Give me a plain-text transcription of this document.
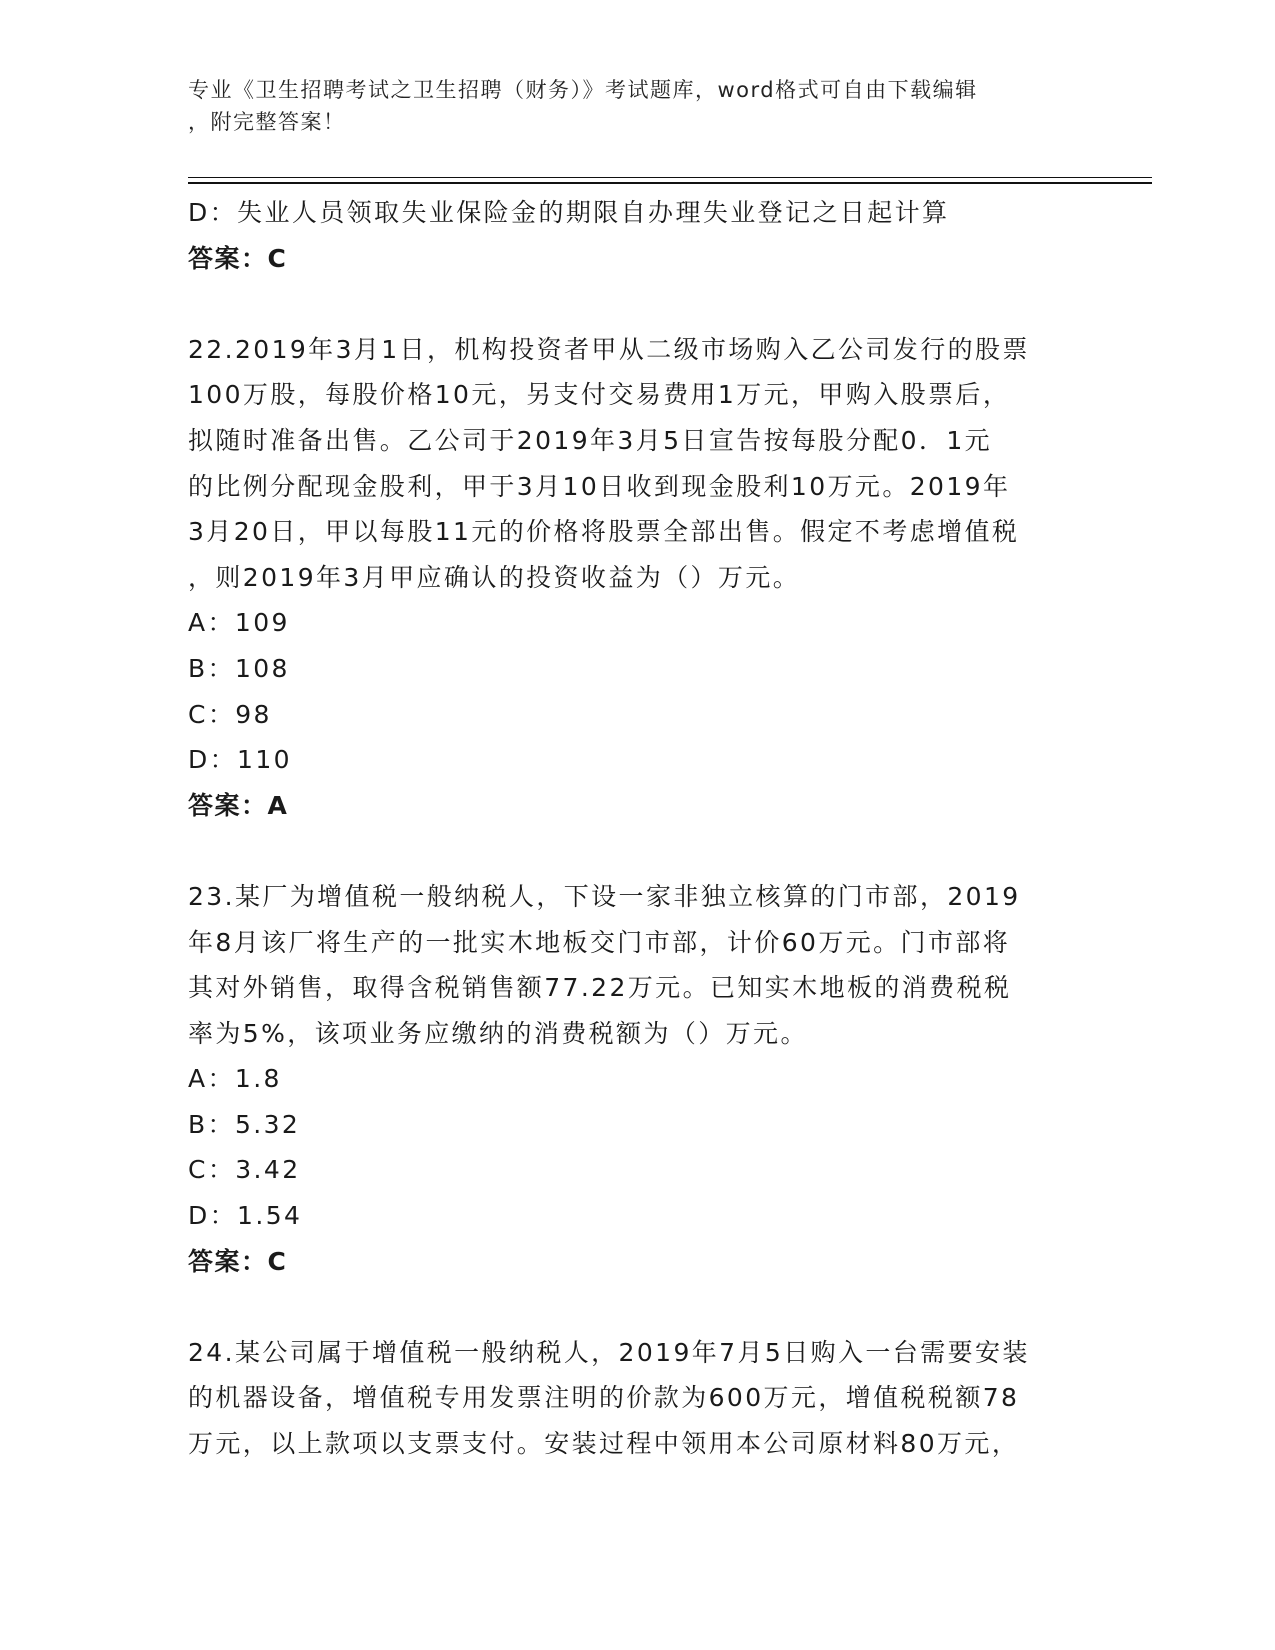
专业《卫生招聘考试之卫生招聘（财务）》考试题库，word格式可自由下载编辑
，附完整答案！
D：失业人员领取失业保险金的期限自办理失业登记之日起计算
答案：C
22.2019年3月1日，机构投资者甲从二级市场购入乙公司发行的股票
100万股，每股价格10元，另支付交易费用1万元，甲购入股票后，
拟随时准备出售。乙公司于2019年3月5日宣告按每股分配0．1元
的比例分配现金股利，甲于3月10日收到现金股利10万元。2019年
3月20日，甲以每股11元的价格将股票全部出售。假定不考虑增值税
，则2019年3月甲应确认的投资收益为（）万元。
A：109
B：108
C：98
D：110
答案：A
23.某厂为增值税一般纳税人，下设一家非独立核算的门市部，2019
年8月该厂将生产的一批实木地板交门市部，计价60万元。门市部将
其对外销售，取得含税销售额77.22万元。已知实木地板的消费税税
率为5%，该项业务应缴纳的消费税额为（）万元。
A：1.8
B：5.32
C：3.42
D：1.54
答案：C
24.某公司属于增值税一般纳税人，2019年7月5日购入一台需要安装
的机器设备，增值税专用发票注明的价款为600万元，增值税税额78
万元，以上款项以支票支付。安装过程中领用本公司原材料80万元，
